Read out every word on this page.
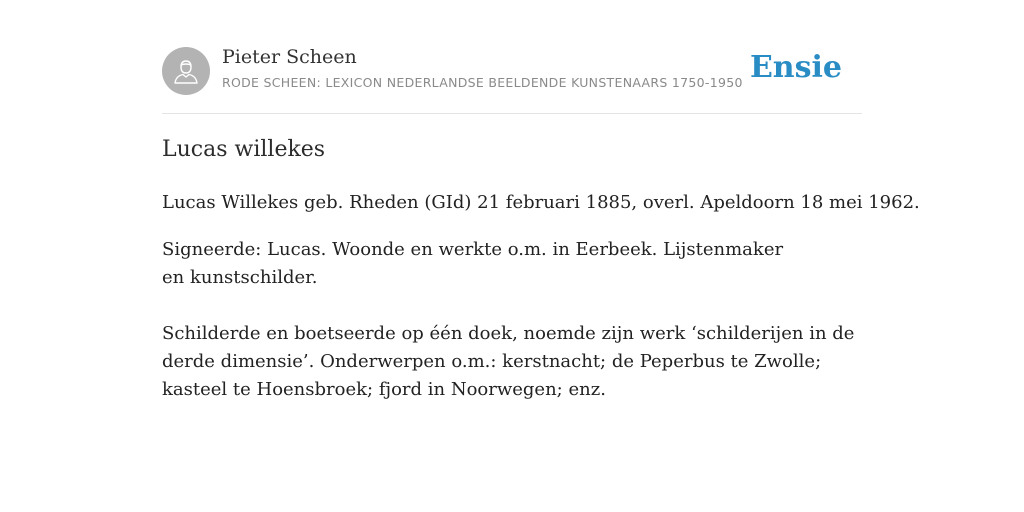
Pieter Scheen
RODE SCHEEN: LEXICON NEDERLANDSE BEELDENDE KUNSTENAARS 1750-1950 Ensie
Lucas willekes

Lucas Willekes geb. Rheden (GId) 21 februari 1885, overl. Apeldoorn 18 mei 1962.

Signeerde: Lucas. Woonde en werkte o.m. in Eerbeek. Lijstenmaker en kunstschilder.

Schilderde en boetseerde op één doek, noemde zijn werk ‘schilderijen in de derde dimensie’. Onderwerpen o.m.: kerstnacht; de Peperbus te Zwolle; kasteel te Hoensbroek; fjord in Noorwegen; enz.
